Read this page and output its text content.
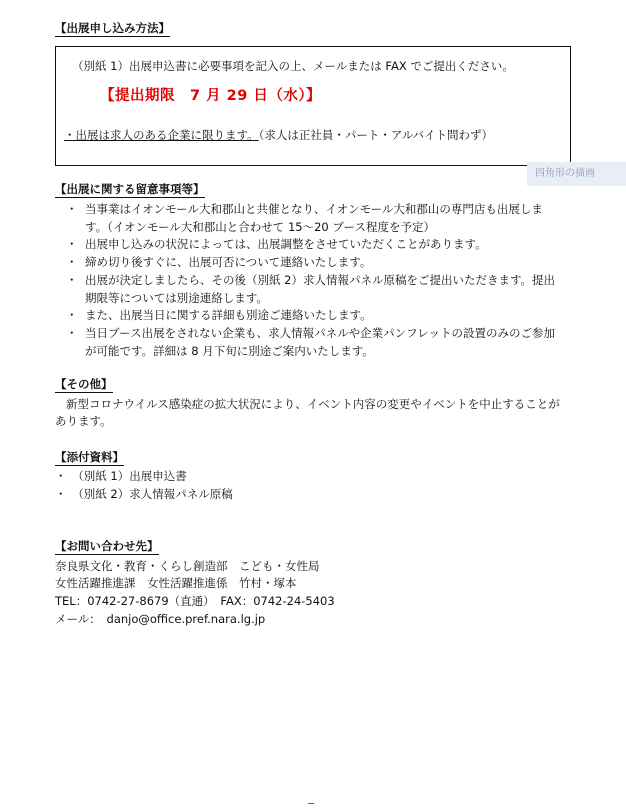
【出展申し込み方法】
（別紙 1）出展申込書に必要事項を記入の上、メールまたは FAX でご提出ください。
【提出期限　7 月 29 日（水）】
・出展は求人のある企業に限ります。（求人は正社員・パート・アルバイト問わず）
四角形の描画
【出展に関する留意事項等】
・ 当事業はイオンモール大和郡山と共催となり、イオンモール大和郡山の専門店も出展しま
す。（イオンモール大和郡山と合わせて 15～20 ブース程度を予定）
・ 出展申し込みの状況によっては、出展調整をさせていただくことがあります。
・ 締め切り後すぐに、出展可否について連絡いたします。
・ 出展が決定しましたら、その後（別紙 2）求人情報パネル原稿をご提出いただきます。提出
期限等については別途連絡します。
・ また、出展当日に関する詳細も別途ご連絡いたします。
・ 当日ブース出展をされない企業も、求人情報パネルや企業パンフレットの設置のみのご参加
が可能です。詳細は 8 月下旬に別途ご案内いたします。
【その他】
新型コロナウイルス感染症の拡大状況により、イベント内容の変更やイベントを中止することが
あります。
【添付資料】
・　（別紙 1）出展申込書
・　（別紙 2）求人情報パネル原稿
【お問い合わせ先】
奈良県文化・教育・くらし創造部　こども・女性局
女性活躍推進課　女性活躍推進係　竹村・塚本
TEL：0742-27-8679（直通）　FAX：0742-24-5403
メール：　danjo@office.pref.nara.lg.jp
